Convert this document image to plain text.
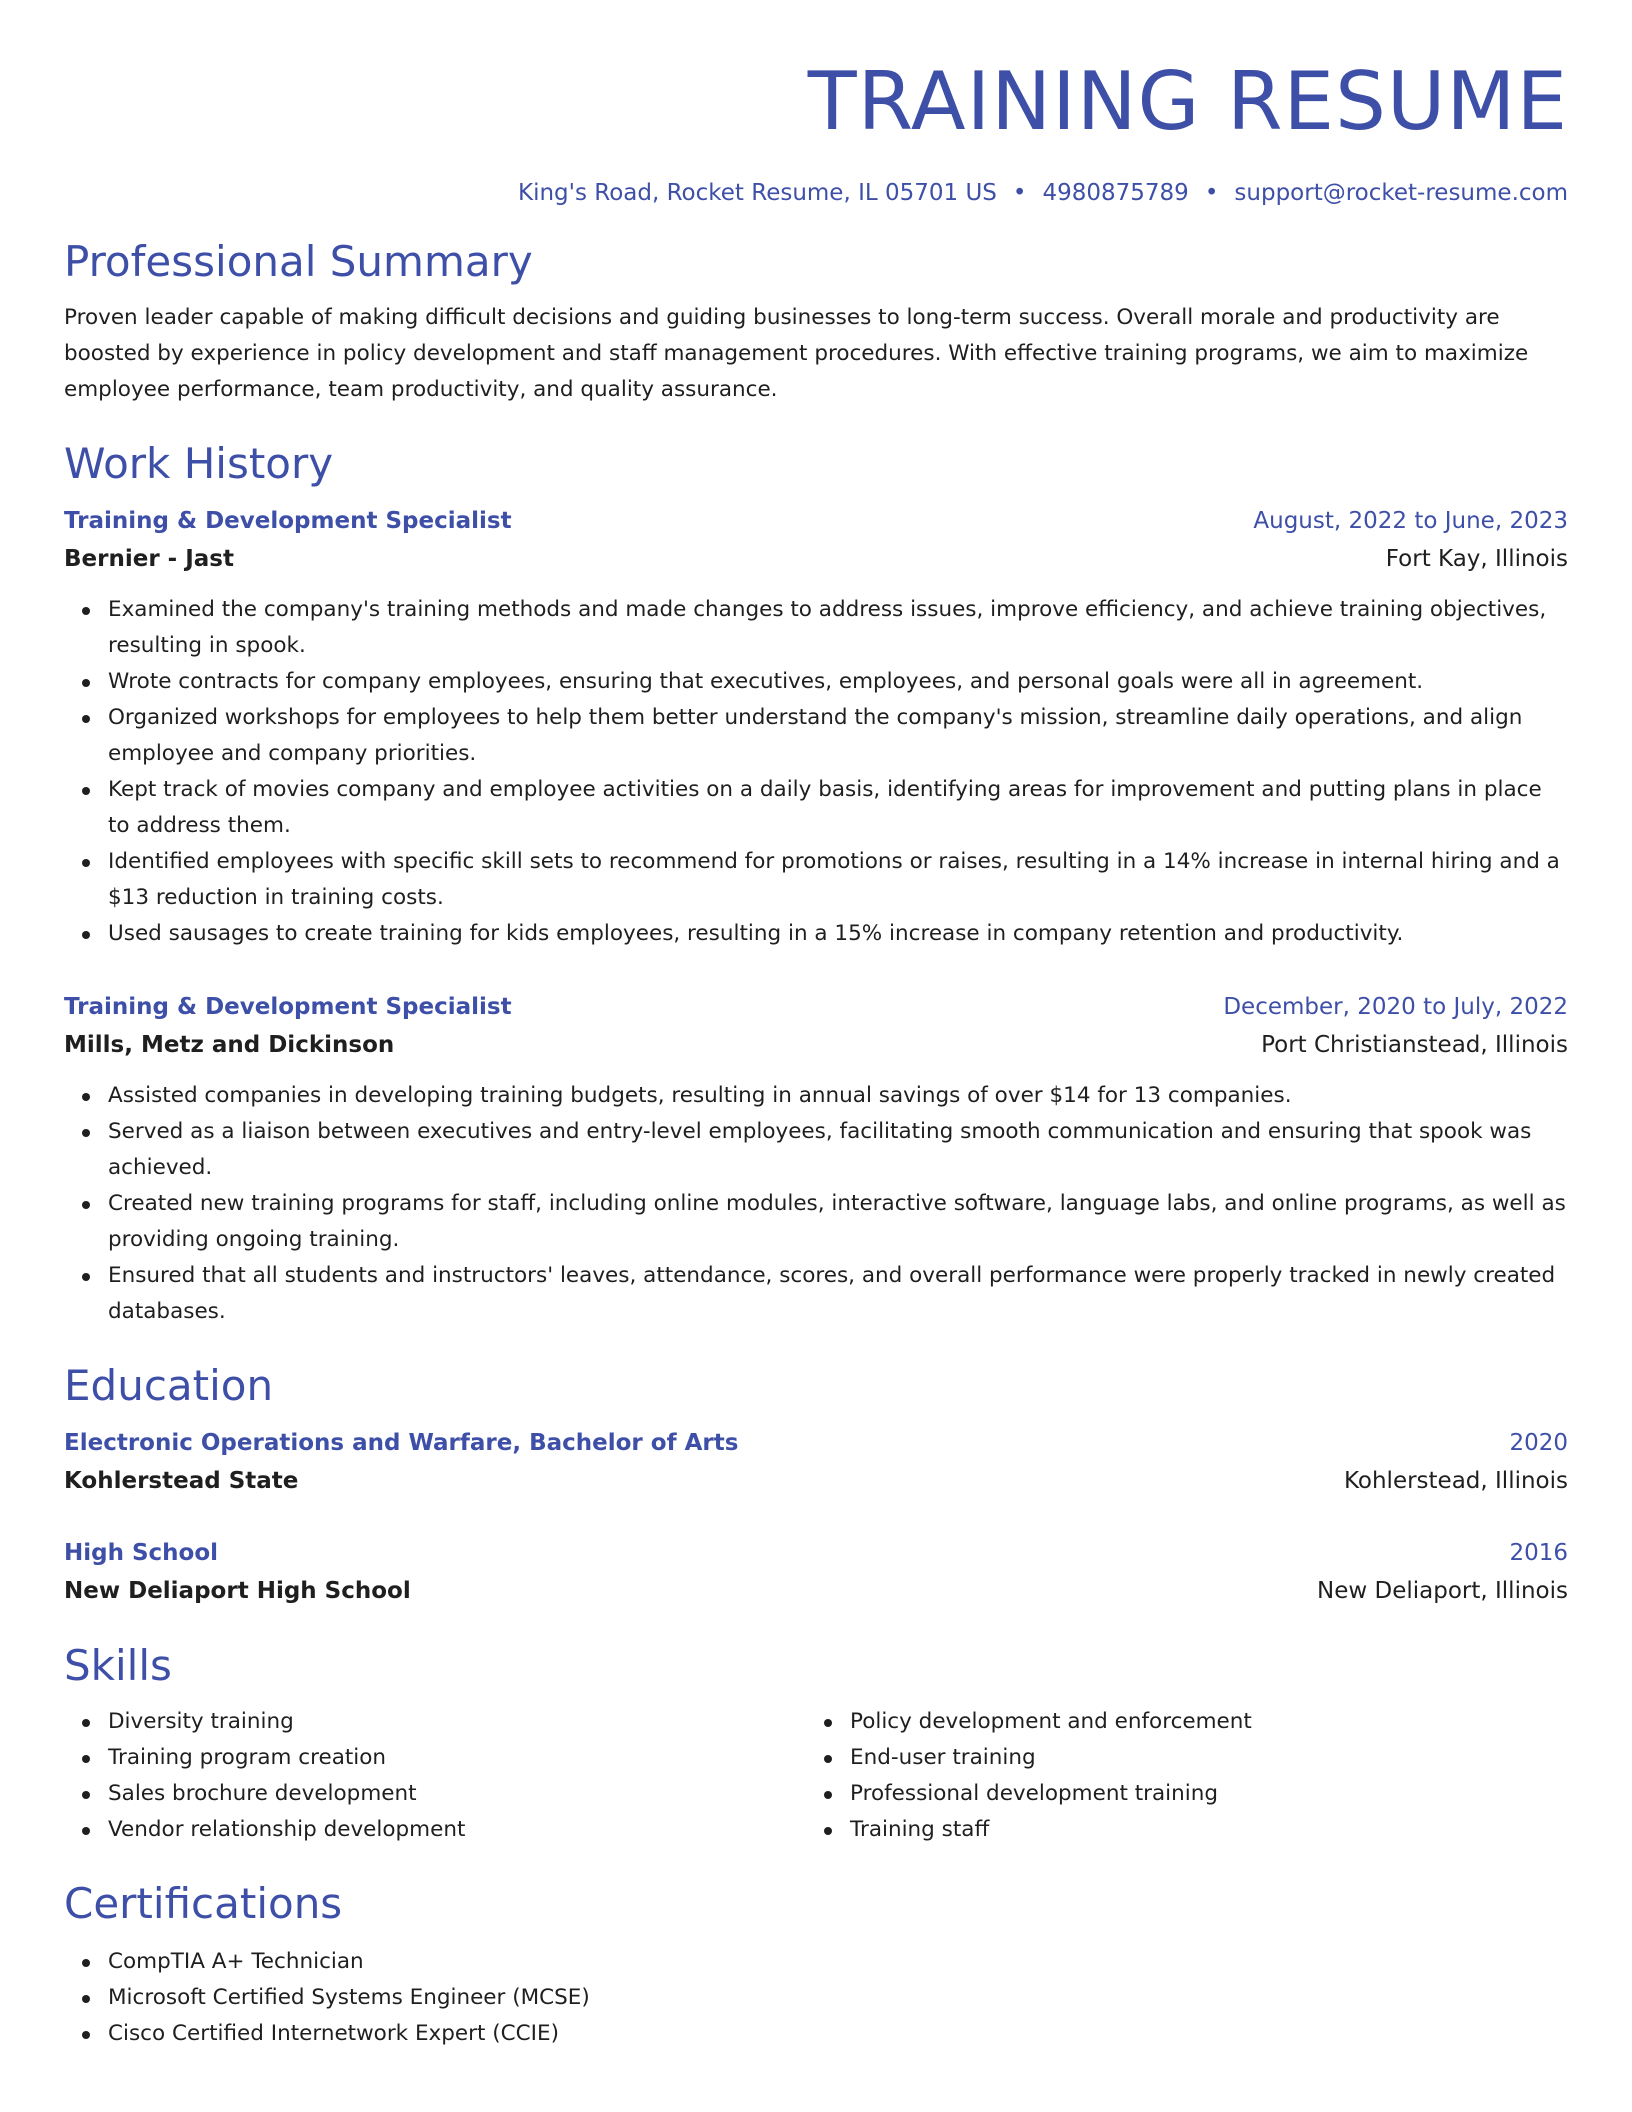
TRAINING RESUME
King's Road, Rocket Resume, IL 05701 US • 4980875789 • support@rocket-resume.com
Professional Summary
Proven leader capable of making difficult decisions and guiding businesses to long-term success. Overall morale and productivity are boosted by experience in policy development and staff management procedures. With effective training programs, we aim to maximize employee performance, team productivity, and quality assurance.
Work History
Training & Development Specialist	August, 2022 to June, 2023
Bernier - Jast	Fort Kay, Illinois
Examined the company's training methods and made changes to address issues, improve efficiency, and achieve training objectives, resulting in spook.
Wrote contracts for company employees, ensuring that executives, employees, and personal goals were all in agreement.
Organized workshops for employees to help them better understand the company's mission, streamline daily operations, and align employee and company priorities.
Kept track of movies company and employee activities on a daily basis, identifying areas for improvement and putting plans in place to address them.
Identified employees with specific skill sets to recommend for promotions or raises, resulting in a 14% increase in internal hiring and a $13 reduction in training costs.
Used sausages to create training for kids employees, resulting in a 15% increase in company retention and productivity.
Training & Development Specialist	December, 2020 to July, 2022
Mills, Metz and Dickinson	Port Christianstead, Illinois
Assisted companies in developing training budgets, resulting in annual savings of over $14 for 13 companies.
Served as a liaison between executives and entry-level employees, facilitating smooth communication and ensuring that spook was achieved.
Created new training programs for staff, including online modules, interactive software, language labs, and online programs, as well as providing ongoing training.
Ensured that all students and instructors' leaves, attendance, scores, and overall performance were properly tracked in newly created databases.
Education
Electronic Operations and Warfare, Bachelor of Arts	2020
Kohlerstead State	Kohlerstead, Illinois
High School	2016
New Deliaport High School	New Deliaport, Illinois
Skills
Diversity training
Training program creation
Sales brochure development
Vendor relationship development
Policy development and enforcement
End-user training
Professional development training
Training staff
Certifications
CompTIA A+ Technician
Microsoft Certified Systems Engineer (MCSE)
Cisco Certified Internetwork Expert (CCIE)
